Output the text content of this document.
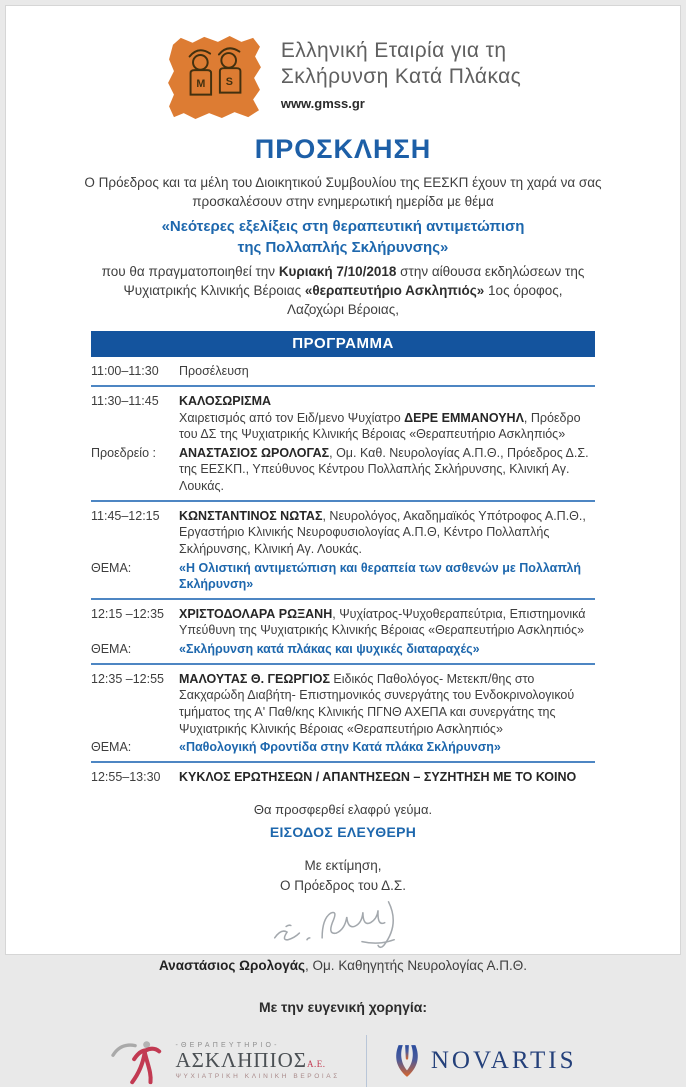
M S
Ελληνική Εταιρία για τη
Σκλήρυνση Κατά Πλάκας
www.gmss.gr
ΠΡΟΣΚΛΗΣΗ
Ο Πρόεδρος και τα μέλη του Διοικητικού Συμβουλίου της ΕΕΣΚΠ έχουν τη χαρά να σας
προσκαλέσουν στην ενημερωτική ημερίδα με θέμα
«Νεότερες εξελίξεις στη θεραπευτική αντιμετώπιση
της Πολλαπλής Σκλήρυνσης»
που θα πραγματοποιηθεί την Κυριακή 7/10/2018 στην αίθουσα εκδηλώσεων της Ψυχιατρικής Κλινικής Βέροιας «θεραπευτήριο Ασκληπιός» 1ος όροφος,
Λαζοχώρι Βέροιας,
ΠΡΟΓΡΑΜΜΑ
11:00–11:30	Προσέλευση
11:30–11:45	ΚΑΛΟΣΩΡΙΣΜΑ
Χαιρετισμός από τον Ειδ/μενο Ψυχίατρο ΔΕΡΕ ΕΜΜΑΝΟΥΗΛ, Πρόεδρο του ΔΣ της Ψυχιατρικής Κλινικής Βέροιας «Θεραπευτήριο Ασκληπιός»
Προεδρείο :	ΑΝΑΣΤΑΣΙΟΣ ΩΡΟΛΟΓΑΣ, Ομ. Καθ. Νευρολογίας Α.Π.Θ., Πρόεδρος Δ.Σ. της ΕΕΣΚΠ., Υπεύθυνος Κέντρου Πολλαπλής Σκλήρυνσης, Κλινική Αγ. Λουκάς.
11:45–12:15	ΚΩΝΣΤΑΝΤΙΝΟΣ ΝΩΤΑΣ, Νευρολόγος, Ακαδημαϊκός Υπότροφος Α.Π.Θ., Εργαστήριο Κλινικής Νευροφυσιολογίας Α.Π.Θ, Κέντρο Πολλαπλής Σκλήρυνσης, Κλινική Αγ. Λουκάς.
ΘΕΜΑ:	«Η Ολιστική αντιμετώπιση και θεραπεία των ασθενών με Πολλαπλή Σκλήρυνση»
12:15 –12:35	ΧΡΙΣΤΟΔΟΛΑΡΑ ΡΩΞΑΝΗ, Ψυχίατρος-Ψυχοθεραπεύτρια, Επιστημονικά Υπεύθυνη της Ψυχιατρικής Κλινικής Βέροιας «Θεραπευτήριο Ασκληπιός»
ΘΕΜΑ:	«Σκλήρυνση κατά πλάκας και ψυχικές διαταραχές»
12:35 –12:55	ΜΑΛΟΥΤΑΣ Θ. ΓΕΩΡΓΙΟΣ Ειδικός Παθολόγος- Μετεκπ/θης στο Σακχαρώδη Διαβήτη- Επιστημονικός συνεργάτης του Ενδοκρινολογικού τμήματος της Α' Παθ/κης Κλινικής ΠΓΝΘ ΑΧΕΠΑ και συνεργάτης της Ψυχιατρικής Κλινικής Βέροιας «Θεραπευτήριο Ασκληπιός»
ΘΕΜΑ:	«Παθολογική Φροντίδα στην Κατά πλάκα Σκλήρυνση»
12:55–13:30	ΚΥΚΛΟΣ ΕΡΩΤΗΣΕΩΝ / ΑΠΑΝΤΗΣΕΩΝ – ΣΥΖΗΤΗΣΗ ΜΕ ΤΟ ΚΟΙΝΟ
Θα προσφερθεί ελαφρύ γεύμα.
ΕΙΣΟΔΟΣ ΕΛΕΥΘΕΡΗ
Με εκτίμηση,
Ο Πρόεδρος του Δ.Σ.
Αναστάσιος Ωρολογάς, Ομ. Καθηγητής Νευρολογίας Α.Π.Θ.
Με την ευγενική χορηγία:
-ΘΕΡΑΠΕΥΤΗΡΙΟ-
ΑΣΚΛΗΠΙΟΣΑ.Ε.
ΨΥΧΙΑΤΡΙΚΗ ΚΛΙΝΙΚΗ ΒΕΡΟΙΑΣ
NOVARTIS
